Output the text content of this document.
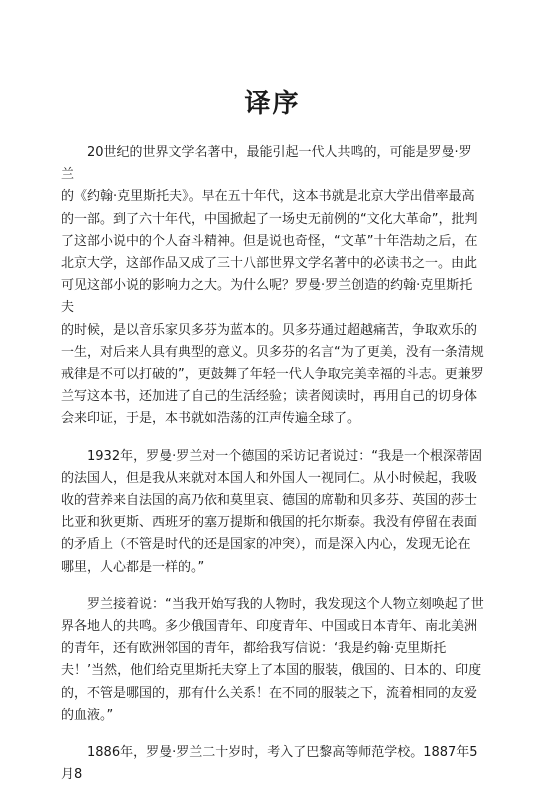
译序

20世纪的世界文学名著中，最能引起一代人共鸣的，可能是罗曼·罗兰
的《约翰·克里斯托夫》。早在五十年代，这本书就是北京大学出借率最高
的一部。到了六十年代，中国掀起了一场史无前例的“文化大革命”，批判
了这部小说中的个人奋斗精神。但是说也奇怪，“文革”十年浩劫之后，在
北京大学，这部作品又成了三十八部世界文学名著中的必读书之一。由此
可见这部小说的影响力之大。为什么呢？罗曼·罗兰创造的约翰·克里斯托夫
的时候，是以音乐家贝多芬为蓝本的。贝多芬通过超越痛苦，争取欢乐的
一生，对后来人具有典型的意义。贝多芬的名言“为了更美，没有一条清规
戒律是不可以打破的”，更鼓舞了年轻一代人争取完美幸福的斗志。更兼罗
兰写这本书，还加进了自己的生活经验；读者阅读时，再用自己的切身体
会来印证，于是，本书就如浩荡的江声传遍全球了。

1932年，罗曼·罗兰对一个德国的采访记者说过：“我是一个根深蒂固
的法国人，但是我从来就对本国人和外国人一视同仁。从小时候起，我吸
收的营养来自法国的高乃依和莫里哀、德国的席勒和贝多芬、英国的莎士
比亚和狄更斯、西班牙的塞万提斯和俄国的托尔斯泰。我没有停留在表面
的矛盾上（不管是时代的还是国家的冲突），而是深入内心，发现无论在
哪里，人心都是一样的。”

罗兰接着说：“当我开始写我的人物时，我发现这个人物立刻唤起了世
界各地人的共鸣。多少俄国青年、印度青年、中国或日本青年、南北美洲
的青年，还有欧洲邻国的青年，都给我写信说：‘我是约翰·克里斯托
夫！’当然，他们给克里斯托夫穿上了本国的服装，俄国的、日本的、印度
的，不管是哪国的，那有什么关系！在不同的服装之下，流着相同的友爱
的血液。”

1886年，罗曼·罗兰二十岁时，考入了巴黎高等师范学校。1887年5月8
